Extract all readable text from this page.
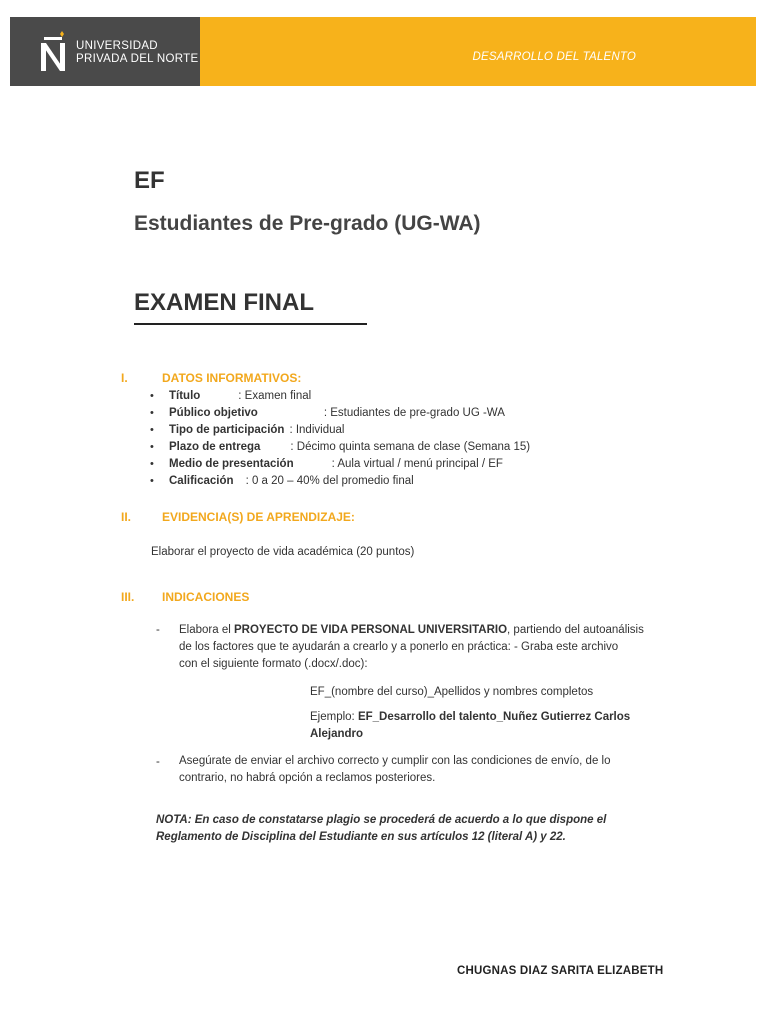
UNIVERSIDAD
PRIVADA DEL NORTE	DESARROLLO DEL TALENTO
EF
Estudiantes de Pre-grado (UG-WA)
EXAMEN FINAL
I.	DATOS INFORMATIVOS:
• Título	: Examen final
• Público objetivo	: Estudiantes de pre-grado UG -WA
• Tipo de participación : Individual
• Plazo de entrega	: Décimo quinta semana de clase (Semana 15)
• Medio de presentación	: Aula virtual / menú principal / EF
• Calificación : 0 a 20 – 40% del promedio final
II.	EVIDENCIA(S) DE APRENDIZAJE:
Elaborar el proyecto de vida académica (20 puntos)
III. INDICACIONES
- Elabora el PROYECTO DE VIDA PERSONAL UNIVERSITARIO, partiendo del autoanálisis
de los factores que te ayudarán a crearlo y a ponerlo en práctica: - Graba este archivo
con el siguiente formato (.docx/.doc):
EF_(nombre del curso)_Apellidos y nombres completos
Ejemplo: EF_Desarrollo del talento_Nuñez Gutierrez Carlos
Alejandro
- Asegúrate de enviar el archivo correcto y cumplir con las condiciones de envío, de lo
contrario, no habrá opción a reclamos posteriores.
NOTA: En caso de constatarse plagio se procederá de acuerdo a lo que dispone el
Reglamento de Disciplina del Estudiante en sus artículos 12 (literal A) y 22.
CHUGNAS DIAZ SARITA ELIZABETH
